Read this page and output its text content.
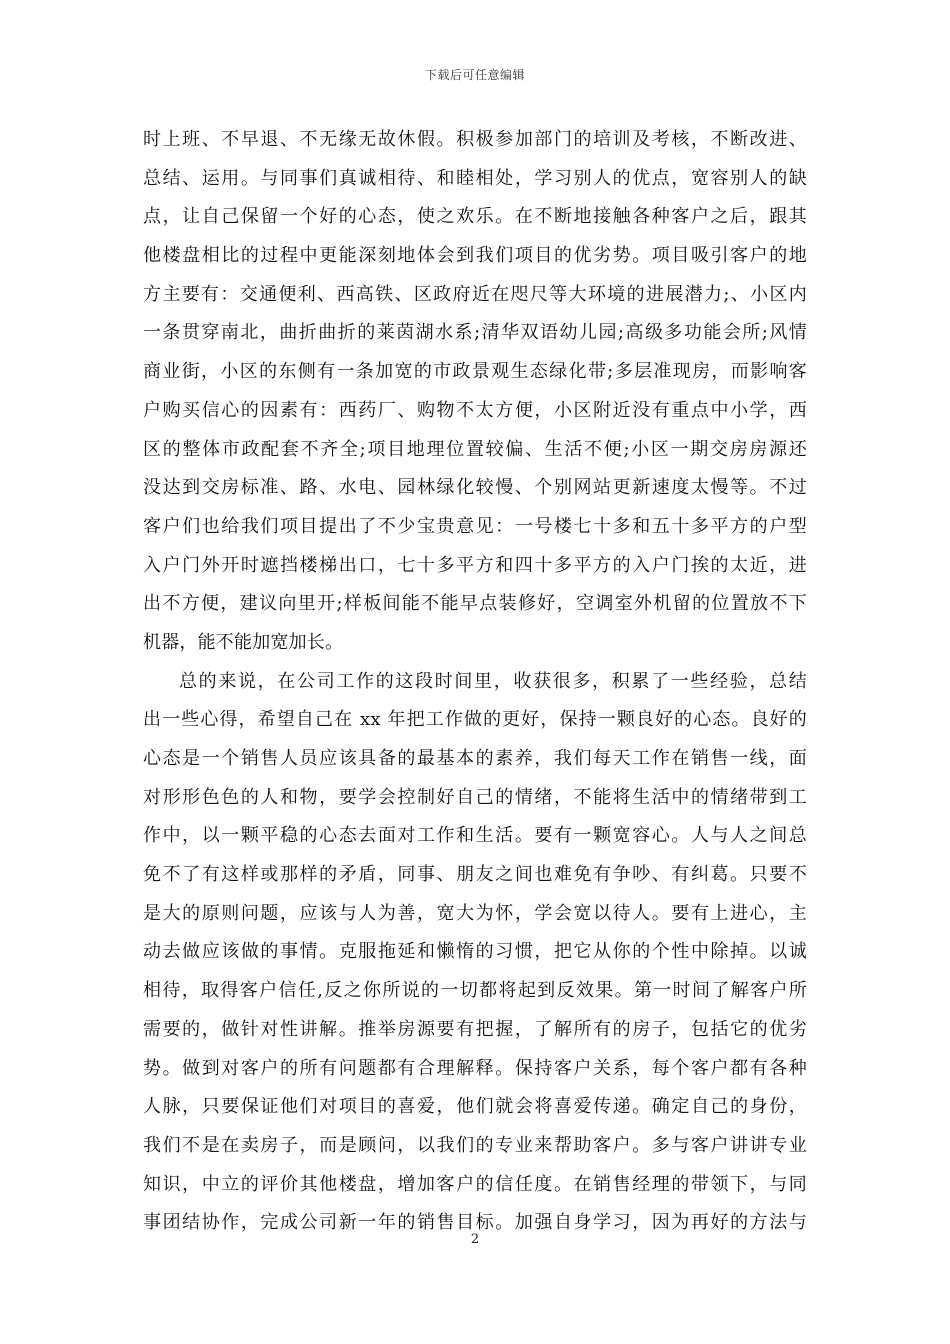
下载后可任意编辑
时上班、不早退、不无缘无故休假。积极参加部门的培训及考核，不断改进、
总结、运用。与同事们真诚相待、和睦相处，学习别人的优点，宽容别人的缺
点，让自己保留一个好的心态，使之欢乐。在不断地接触各种客户之后，跟其
他楼盘相比的过程中更能深刻地体会到我们项目的优劣势。项目吸引客户的地
方主要有：交通便利、西高铁、区政府近在咫尺等大环境的进展潜力;、小区内
一条贯穿南北，曲折曲折的莱茵湖水系;清华双语幼儿园;高级多功能会所;风情
商业街，小区的东侧有一条加宽的市政景观生态绿化带;多层准现房，而影响客
户购买信心的因素有：西药厂、购物不太方便，小区附近没有重点中小学，西
区的整体市政配套不齐全;项目地理位置较偏、生活不便;小区一期交房房源还
没达到交房标准、路、水电、园林绿化较慢、个别网站更新速度太慢等。不过
客户们也给我们项目提出了不少宝贵意见：一号楼七十多和五十多平方的户型
入户门外开时遮挡楼梯出口，七十多平方和四十多平方的入户门挨的太近，进
出不方便，建议向里开;样板间能不能早点装修好，空调室外机留的位置放不下
机器，能不能加宽加长。
总的来说，在公司工作的这段时间里，收获很多，积累了一些经验，总结
出一些心得，希望自己在 xx 年把工作做的更好，保持一颗良好的心态。良好的
心态是一个销售人员应该具备的最基本的素养，我们每天工作在销售一线，面
对形形色色的人和物，要学会控制好自己的情绪，不能将生活中的情绪带到工
作中，以一颗平稳的心态去面对工作和生活。要有一颗宽容心。人与人之间总
免不了有这样或那样的矛盾，同事、朋友之间也难免有争吵、有纠葛。只要不
是大的原则问题，应该与人为善，宽大为怀，学会宽以待人。要有上进心，主
动去做应该做的事情。克服拖延和懒惰的习惯，把它从你的个性中除掉。以诚
相待，取得客户信任,反之你所说的一切都将起到反效果。第一时间了解客户所
需要的，做针对性讲解。推举房源要有把握，了解所有的房子，包括它的优劣
势。做到对客户的所有问题都有合理解释。保持客户关系，每个客户都有各种
人脉，只要保证他们对项目的喜爱，他们就会将喜爱传递。确定自己的身份，
我们不是在卖房子，而是顾问，以我们的专业来帮助客户。多与客户讲讲专业
知识，中立的评价其他楼盘，增加客户的信任度。在销售经理的带领下，与同
事团结协作，完成公司新一年的销售目标。加强自身学习，因为再好的方法与
2
